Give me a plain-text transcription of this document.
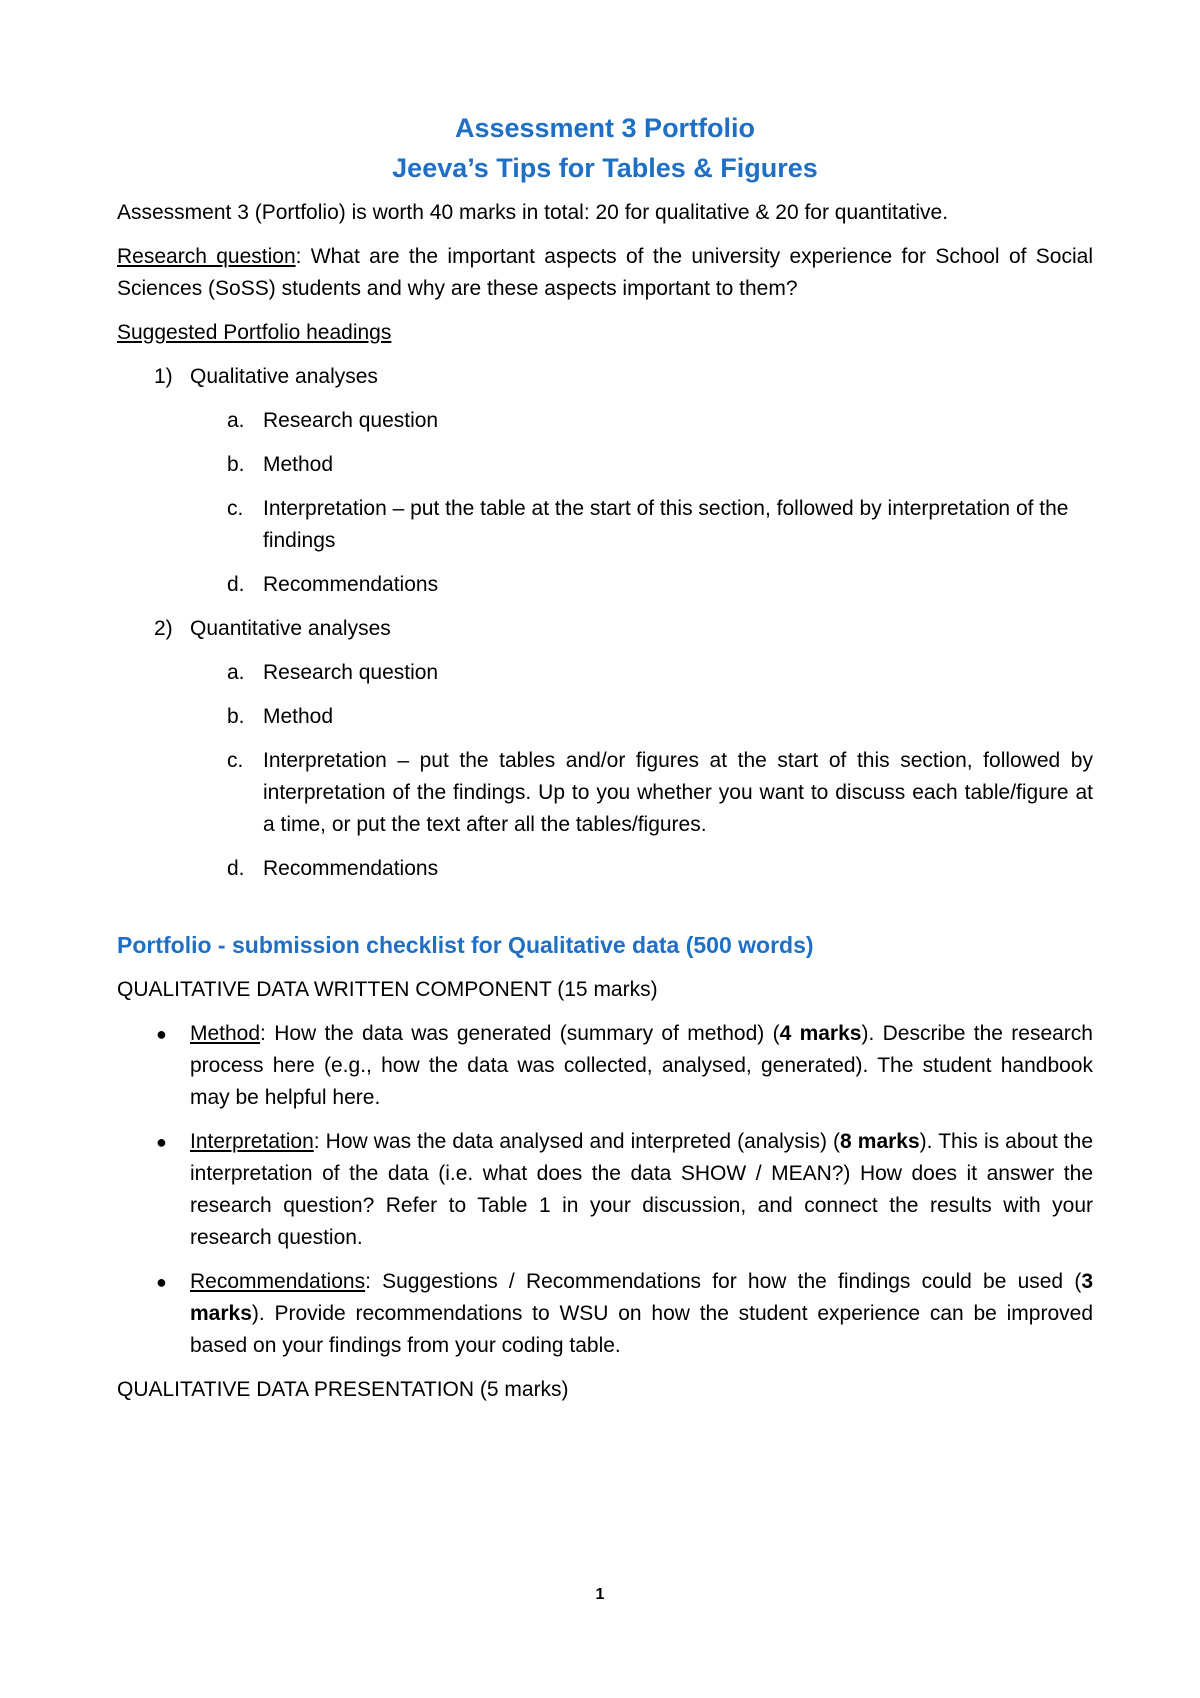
Assessment 3 Portfolio
Jeeva’s Tips for Tables & Figures

Assessment 3 (Portfolio) is worth 40 marks in total: 20 for qualitative & 20 for quantitative.

Research question: What are the important aspects of the university experience for School of Social Sciences (SoSS) students and why are these aspects important to them?

Suggested Portfolio headings

1) Qualitative analyses

a. Research question

b. Method

c. Interpretation – put the table at the start of this section, followed by interpretation of the findings

d. Recommendations

2) Quantitative analyses

a. Research question

b. Method

c. Interpretation – put the tables and/or figures at the start of this section, followed by interpretation of the findings. Up to you whether you want to discuss each table/figure at a time, or put the text after all the tables/figures.

d. Recommendations

Portfolio - submission checklist for Qualitative data (500 words)

QUALITATIVE DATA WRITTEN COMPONENT (15 marks)

● Method: How the data was generated (summary of method) (4 marks). Describe the research process here (e.g., how the data was collected, analysed, generated). The student handbook may be helpful here.

● Interpretation: How was the data analysed and interpreted (analysis) (8 marks). This is about the interpretation of the data (i.e. what does the data SHOW / MEAN?) How does it answer the research question? Refer to Table 1 in your discussion, and connect the results with your research question.

● Recommendations: Suggestions / Recommendations for how the findings could be used (3 marks). Provide recommendations to WSU on how the student experience can be improved based on your findings from your coding table.

QUALITATIVE DATA PRESENTATION (5 marks)

1
